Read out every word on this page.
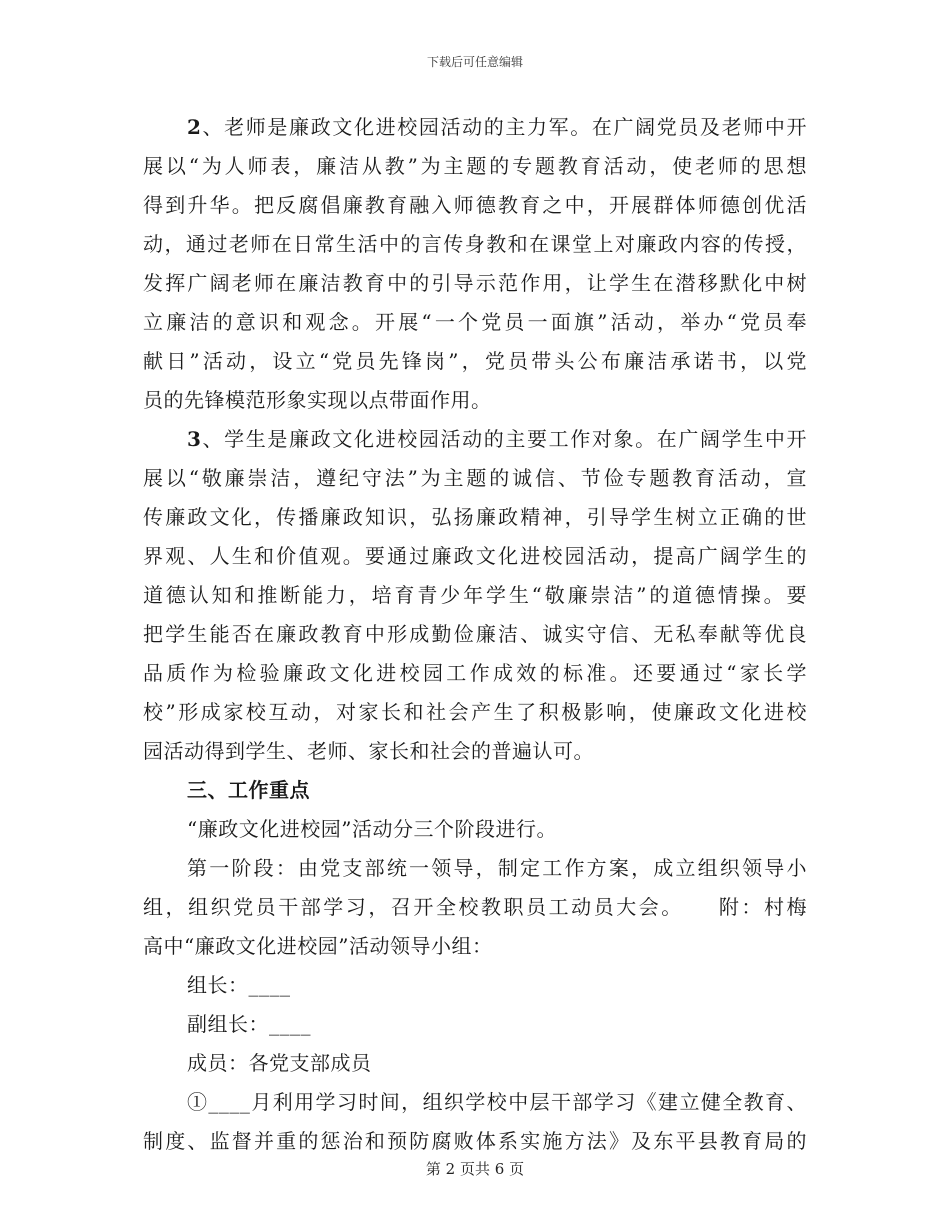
下载后可任意编辑
2、老师是廉政文化进校园活动的主力军。在广阔党员及老师中开
展以“为人师表，廉洁从教”为主题的专题教育活动，使老师的思想
得到升华。把反腐倡廉教育融入师德教育之中，开展群体师德创优活
动，通过老师在日常生活中的言传身教和在课堂上对廉政内容的传授，
发挥广阔老师在廉洁教育中的引导示范作用，让学生在潜移默化中树
立廉洁的意识和观念。开展“一个党员一面旗”活动，举办“党员奉
献日”活动，设立“党员先锋岗”，党员带头公布廉洁承诺书，以党
员的先锋模范形象实现以点带面作用。
3、学生是廉政文化进校园活动的主要工作对象。在广阔学生中开
展以“敬廉崇洁，遵纪守法”为主题的诚信、节俭专题教育活动，宣
传廉政文化，传播廉政知识，弘扬廉政精神，引导学生树立正确的世
界观、人生和价值观。要通过廉政文化进校园活动，提高广阔学生的
道德认知和推断能力，培育青少年学生“敬廉崇洁”的道德情操。要
把学生能否在廉政教育中形成勤俭廉洁、诚实守信、无私奉献等优良
品质作为检验廉政文化进校园工作成效的标准。还要通过“家长学
校”形成家校互动，对家长和社会产生了积极影响，使廉政文化进校
园活动得到学生、老师、家长和社会的普遍认可。
三、工作重点
“廉政文化进校园”活动分三个阶段进行。
第一阶段：由党支部统一领导，制定工作方案，成立组织领导小
组，组织党员干部学习，召开全校教职员工动员大会。　　附：村梅
高中“廉政文化进校园”活动领导小组：
组长：____
副组长：____
成员：各党支部成员
①____月利用学习时间，组织学校中层干部学习《建立健全教育、
制度、监督并重的惩治和预防腐败体系实施方法》及东平县教育局的
第 2 页共 6 页
